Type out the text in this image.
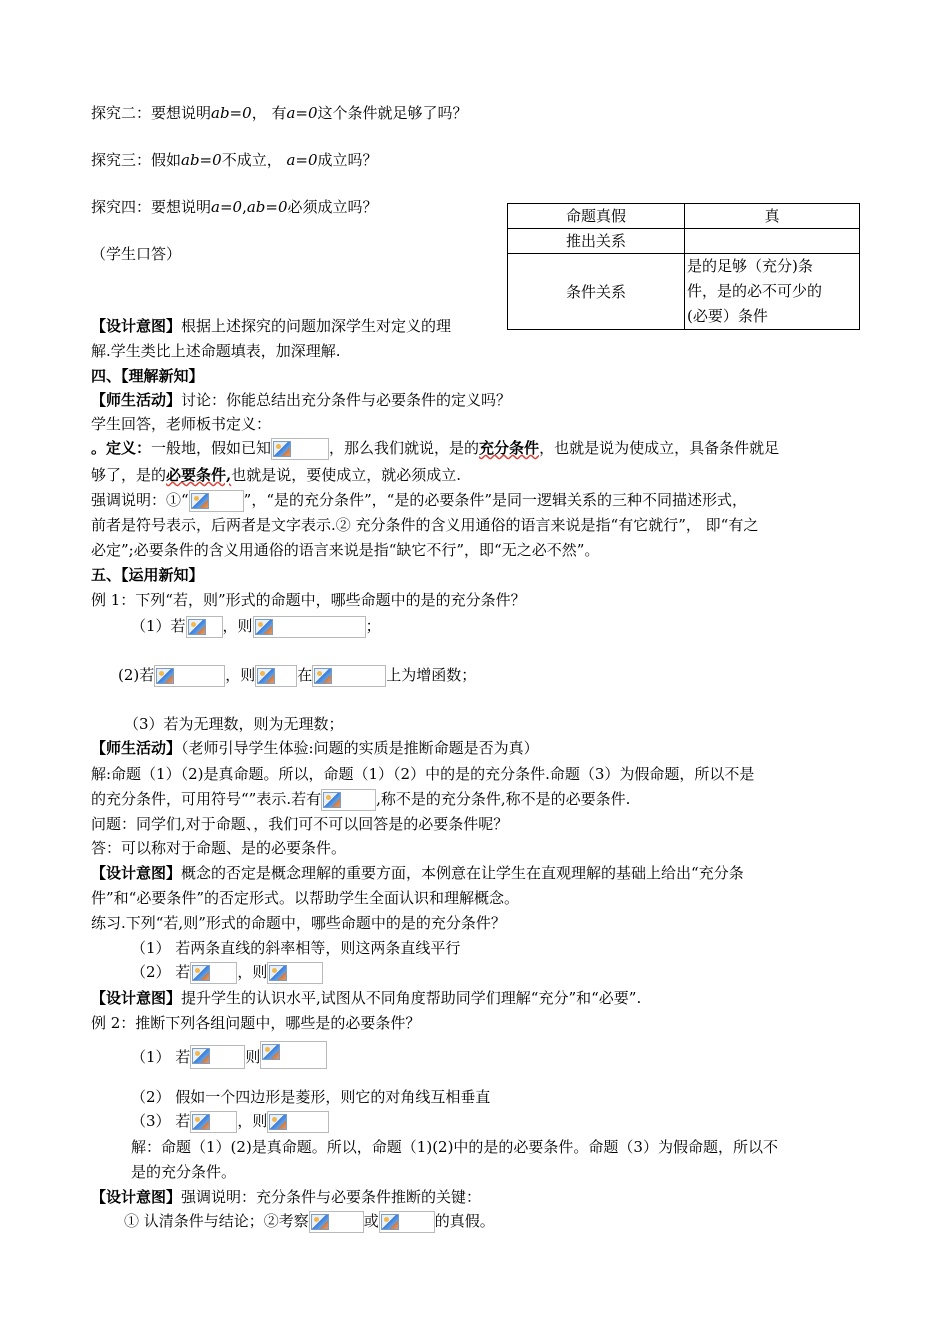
探究二：要想说明ab=0， 有a=0这个条件就足够了吗？
探究三：假如ab=0不成立， a=0成立吗？
探究四：要想说明a=0,ab=0必须成立吗？
（学生口答）
命题真假	真
推出关系	
条件关系	是的足够（充分)条
件，是的必不可少的
(必要）条件
【设计意图】根据上述探究的问题加深学生对定义的理
解.学生类比上述命题填表，加深理解.
四、【理解新知】
【师生活动】讨论：你能总结出充分条件与必要条件的定义吗？
学生回答，老师板书定义：
。定义：一般地，假如已知	，那么我们就说，是的充分条件，也就是说为使成立，具备条件就足
够了，是的必要条件,也就是说，要使成立，就必须成立.
强调说明：①“	”，“是的充分条件”，“是的必要条件”是同一逻辑关系的三种不同描述形式，
前者是符号表示，后两者是文字表示.② 充分条件的含义用通俗的语言来说是指“有它就行”， 即“有之
必定”;必要条件的含义用通俗的语言来说是指“缺它不行”，即“无之必不然”。
五、【运用新知】
例 1：下列“若，则”形式的命题中，哪些命题中的是的充分条件？
（1）若 ，则	；
(2)若	，则	在	上为增函数；
（3）若为无理数，则为无理数；
【师生活动】（老师引导学生体验:问题的实质是推断命题是否为真）
解:命题（1）（2)是真命题。所以，命题（1）（2）中的是的充分条件.命题（3）为假命题，所以不是
的充分条件，可用符号“”表示.若有	,称不是的充分条件,称不是的必要条件.
问题：同学们,对于命题、，我们可不可以回答是的必要条件呢？
答：可以称对于命题、是的必要条件。
【设计意图】概念的否定是概念理解的重要方面，本例意在让学生在直观理解的基础上给出“充分条
件”和“必要条件”的否定形式。以帮助学生全面认识和理解概念。
练习.下列“若,则”形式的命题中，哪些命题中的是的充分条件？
（1） 若两条直线的斜率相等，则这两条直线平行
（2） 若	，则
【设计意图】提升学生的认识水平,试图从不同角度帮助同学们理解“充分”和“必要”.
例 2：推断下列各组问题中，哪些是的必要条件？
（1） 若	则
（2） 假如一个四边形是菱形，则它的对角线互相垂直
（3） 若	，则
解：命题（1）(2)是真命题。所以，命题（1)(2)中的是的必要条件。命题（3）为假命题，所以不
是的充分条件。
【设计意图】强调说明：充分条件与必要条件推断的关键：
① 认清条件与结论；②考察	或	的真假。
